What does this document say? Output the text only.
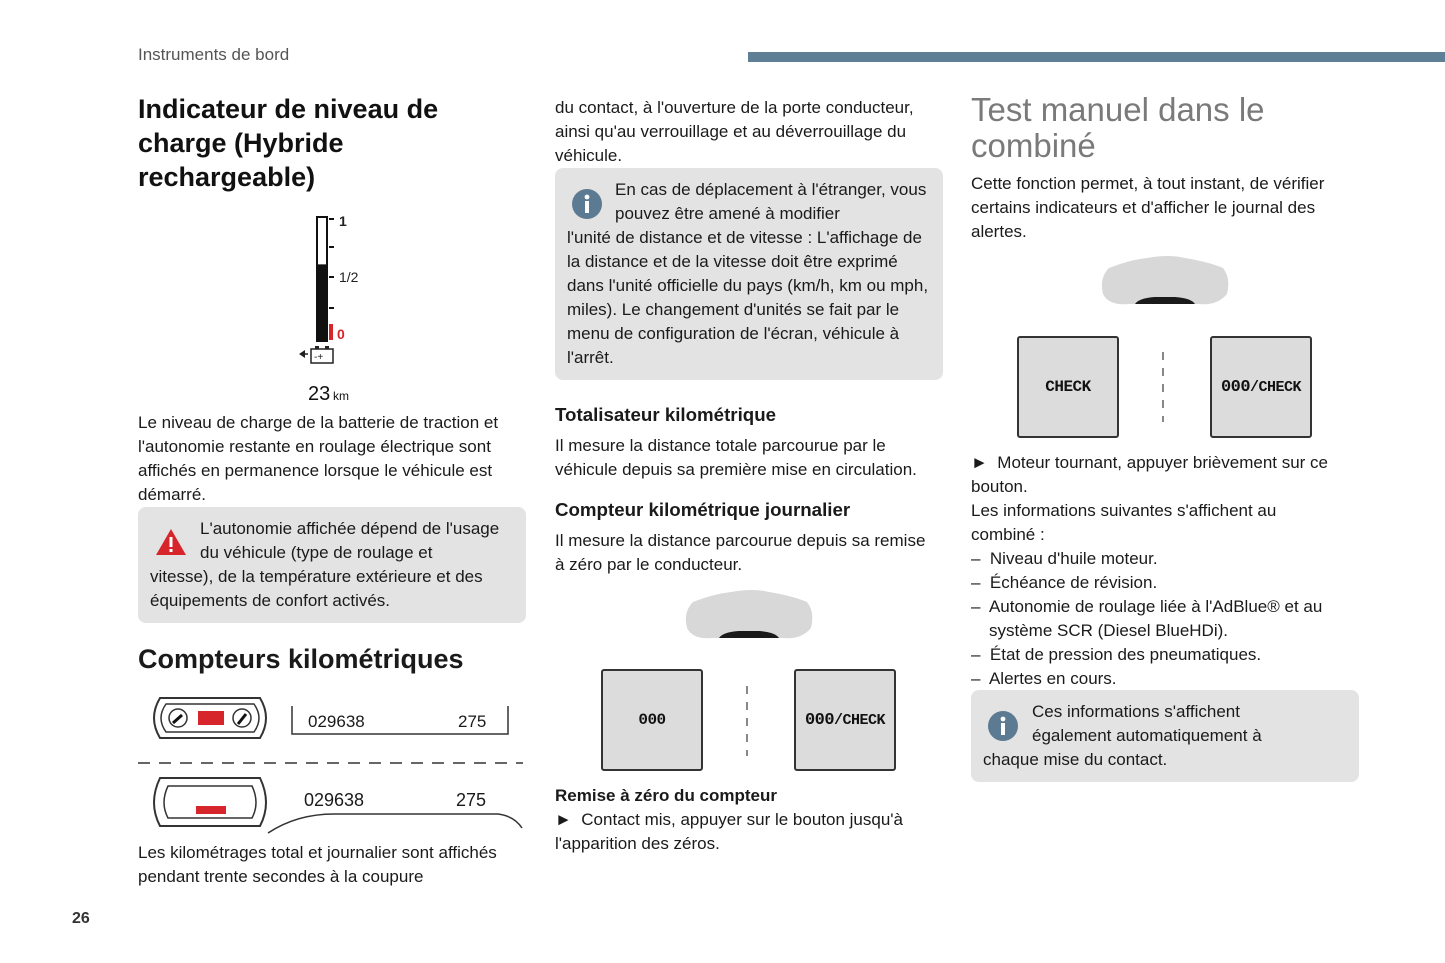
Instruments de bord
26
Indicateur de niveau de charge (Hybride rechargeable)
1
1/2
0
-+
23 km

Le niveau de charge de la batterie de traction et l'autonomie restante en roulage électrique sont affichés en permanence lorsque le véhicule est démarré.

L'autonomie affichée dépend de l'usage du véhicule (type de roulage et

vitesse), de la température extérieure et des équipements de confort activés.

Compteurs kilométriques
029638	275
029638	275

Les kilométrages total et journalier sont affichés pendant trente secondes à la coupure

du contact, à l'ouverture de la porte conducteur, ainsi qu'au verrouillage et au déverrouillage du véhicule.

En cas de déplacement à l'étranger, vous pouvez être amené à modifier

l'unité de distance et de vitesse : L'affichage de la distance et de la vitesse doit être exprimé dans l'unité officielle du pays (km/h, km ou mph, miles). Le changement d'unités se fait par le menu de configuration de l'écran, véhicule à l'arrêt.

Totalisateur kilométrique

Il mesure la distance totale parcourue par le véhicule depuis sa première mise en circulation.

Compteur kilométrique journalier

Il mesure la distance parcourue depuis sa remise à zéro par le conducteur.

000	000 /CHECK
Remise à zéro du compteur

► Contact mis, appuyer sur le bouton jusqu'à l'apparition des zéros.

Test manuel dans le combiné

Cette fonction permet, à tout instant, de vérifier certains indicateurs et d'afficher le journal des alertes.

CHECK	000 /CHECK

► Moteur tournant, appuyer brièvement sur ce bouton.

Les informations suivantes s'affichent au combiné :

–  Niveau d'huile moteur.
–  Échéance de révision.
–  Autonomie de roulage liée à l'AdBlue® et au système SCR (Diesel BlueHDi).
–  État de pression des pneumatiques.
–  Alertes en cours.

Ces informations s'affichent également automatiquement à

chaque mise du contact.
